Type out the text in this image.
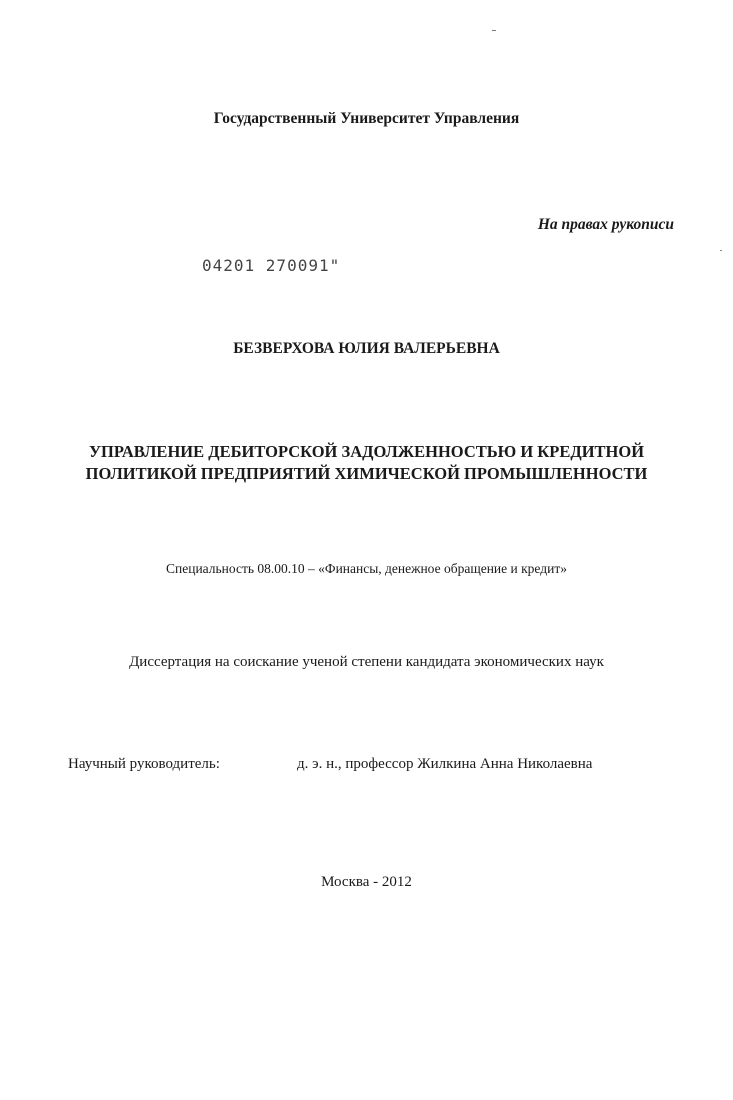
Государственный Университет Управления
На правах рукописи
04201 270091"
БЕЗВЕРХОВА ЮЛИЯ ВАЛЕРЬЕВНА
УПРАВЛЕНИЕ ДЕБИТОРСКОЙ ЗАДОЛЖЕННОСТЬЮ И КРЕДИТНОЙ
ПОЛИТИКОЙ ПРЕДПРИЯТИЙ ХИМИЧЕСКОЙ ПРОМЫШЛЕННОСТИ
Специальность 08.00.10 – «Финансы, денежное обращение и кредит»
Диссертация на соискание ученой степени кандидата экономических наук
Научный руководитель:	д. э. н., профессор Жилкина Анна Николаевна
Москва - 2012
